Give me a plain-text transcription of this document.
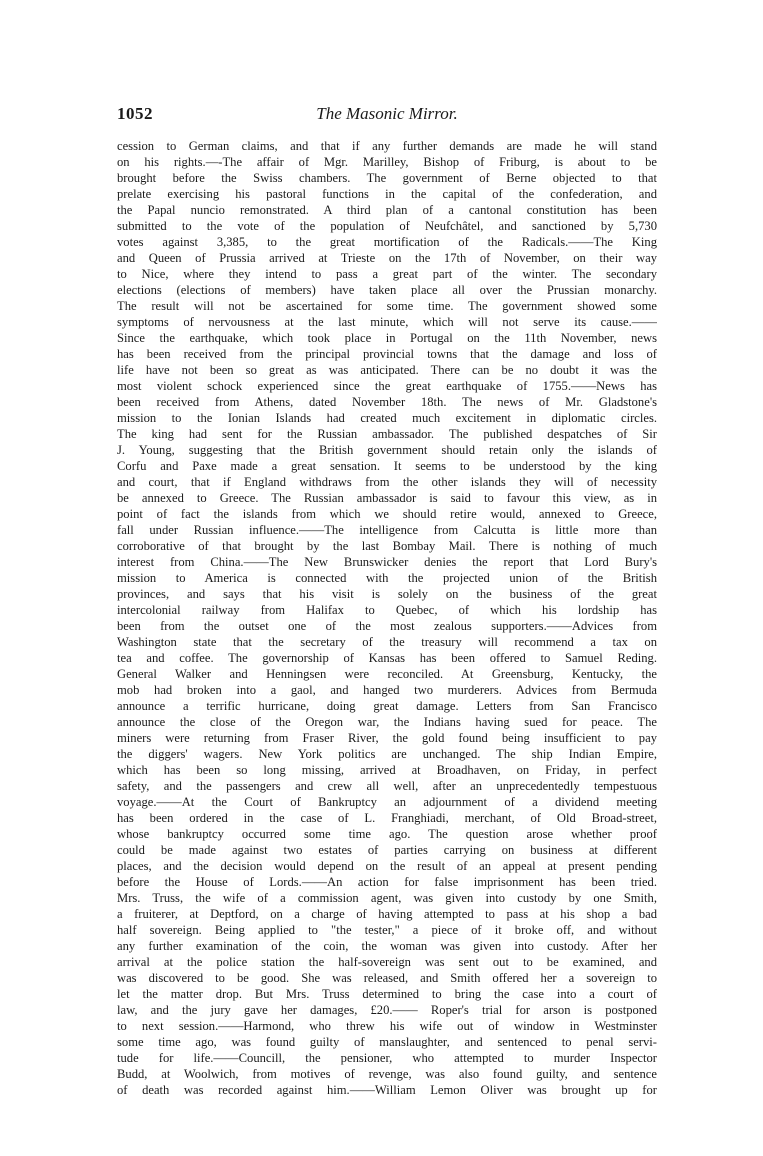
1052	The Masonic Mirror.
cession to German claims, and that if any further demands are made he will stand
on his rights.—-The affair of Mgr. Marilley, Bishop of Friburg, is about to be
brought before the Swiss chambers. The government of Berne objected to that
prelate exercising his pastoral functions in the capital of the confederation, and
the Papal nuncio remonstrated. A third plan of a cantonal constitution has been
submitted to the vote of the population of Neufchâtel, and sanctioned by 5,730
votes against 3,385, to the great mortification of the Radicals.——The King
and Queen of Prussia arrived at Trieste on the 17th of November, on their way
to Nice, where they intend to pass a great part of the winter. The secondary
elections (elections of members) have taken place all over the Prussian monarchy.
The result will not be ascertained for some time. The government showed some
symptoms of nervousness at the last minute, which will not serve its cause.——
Since the earthquake, which took place in Portugal on the 11th November, news
has been received from the principal provincial towns that the damage and loss of
life have not been so great as was anticipated. There can be no doubt it was the
most violent schock experienced since the great earthquake of 1755.——News has
been received from Athens, dated November 18th. The news of Mr. Gladstone's
mission to the Ionian Islands had created much excitement in diplomatic circles.
The king had sent for the Russian ambassador. The published despatches of Sir
J. Young, suggesting that the British government should retain only the islands of
Corfu and Paxe made a great sensation. It seems to be understood by the king
and court, that if England withdraws from the other islands they will of necessity
be annexed to Greece. The Russian ambassador is said to favour this view, as in
point of fact the islands from which we should retire would, annexed to Greece,
fall under Russian influence.——The intelligence from Calcutta is little more than
corroborative of that brought by the last Bombay Mail. There is nothing of much
interest from China.——The New Brunswicker denies the report that Lord Bury's
mission to America is connected with the projected union of the British
provinces, and says that his visit is solely on the business of the great
intercolonial railway from Halifax to Quebec, of which his lordship has
been from the outset one of the most zealous supporters.——Advices from
Washington state that the secretary of the treasury will recommend a tax on
tea and coffee. The governorship of Kansas has been offered to Samuel Reding.
General Walker and Henningsen were reconciled. At Greensburg, Kentucky, the
mob had broken into a gaol, and hanged two murderers. Advices from Bermuda
announce a terrific hurricane, doing great damage. Letters from San Francisco
announce the close of the Oregon war, the Indians having sued for peace. The
miners were returning from Fraser River, the gold found being insufficient to pay
the diggers' wagers. New York politics are unchanged. The ship Indian Empire,
which has been so long missing, arrived at Broadhaven, on Friday, in perfect
safety, and the passengers and crew all well, after an unprecedentedly tempestuous
voyage.——At the Court of Bankruptcy an adjournment of a dividend meeting
has been ordered in the case of L. Franghiadi, merchant, of Old Broad-street,
whose bankruptcy occurred some time ago. The question arose whether proof
could be made against two estates of parties carrying on business at different
places, and the decision would depend on the result of an appeal at present pending
before the House of Lords.——An action for false imprisonment has been tried.
Mrs. Truss, the wife of a commission agent, was given into custody by one Smith,
a fruiterer, at Deptford, on a charge of having attempted to pass at his shop a bad
half sovereign. Being applied to "the tester," a piece of it broke off, and without
any further examination of the coin, the woman was given into custody. After her
arrival at the police station the half-sovereign was sent out to be examined, and
was discovered to be good. She was released, and Smith offered her a sovereign to
let the matter drop. But Mrs. Truss determined to bring the case into a court of
law, and the jury gave her damages, £20.—— Roper's trial for arson is postponed
to next session.——Harmond, who threw his wife out of window in Westminster
some time ago, was found guilty of manslaughter, and sentenced to penal servi-
tude for life.——Councill, the pensioner, who attempted to murder Inspector
Budd, at Woolwich, from motives of revenge, was also found guilty, and sentence
of death was recorded against him.——William Lemon Oliver was brought up for
